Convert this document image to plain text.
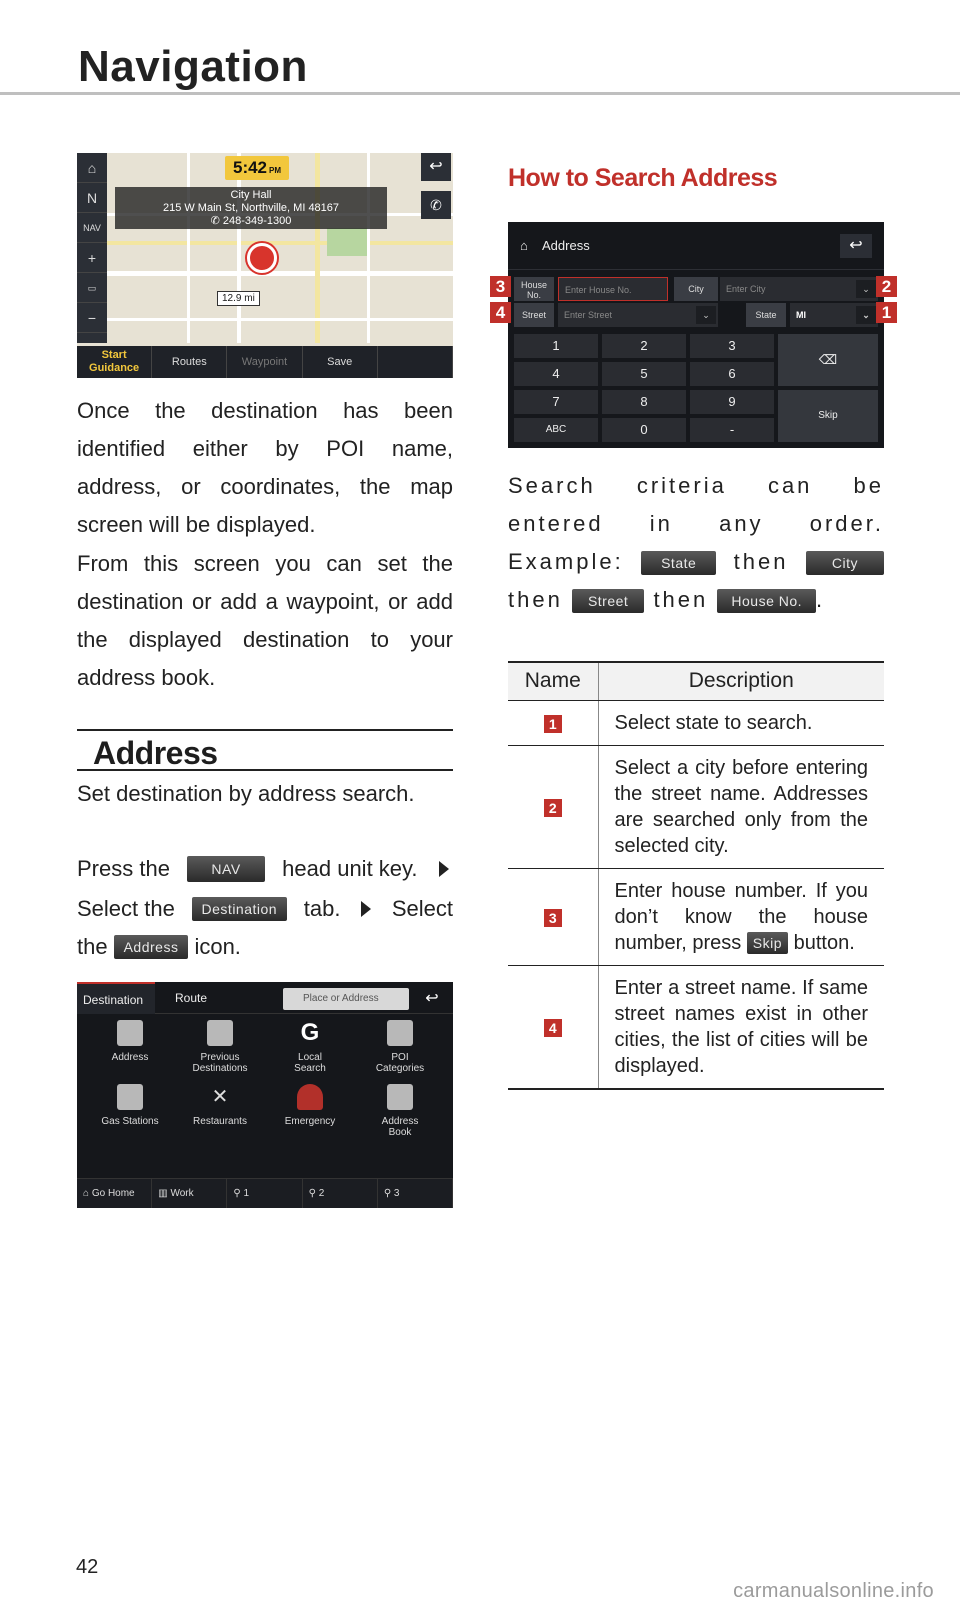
Navigation
⌂
N
NAV
+
▭
−
5:42 PM	↩
City Hall
215 W Main St, Northville, MI 48167
✆ 248-349-1300
✆
12.9 mi
Start
Guidance	Routes	Waypoint	Save
Once the destination has been identified either by POI name, address, or coordinates, the map screen will be displayed.
From this screen you can set the destination or add a waypoint, or add the displayed destination to your address book.
Address
Set destination by address search.
Press the	NAV	head unit key.
Select the	Destination	tab. Select
the	Address icon.
Destination	Route	Place or Address	↩
Address	Previous
Destinations
G
Local
Search
POI
Categories
Gas Stations
✕
Restaurants	Emergency	Address
Book
⌂ Go Home	▥ Work	⚲ 1	⚲ 2	⚲ 3
How to Search Address
⌂ Address	↩
House
No.	Enter House No.	City	Enter City	⌄
Street	Enter Street	⌄	State	MI	⌄
1	2	3
4	5	6
7	8	9
ABC	0	-
⌫
Skip
3	2
4	1
Search criteria can be entered in any order. Example:	State then	City then Street then House No. .
Name	Description
1	Select state to search.
2	Select a city before entering the street name. Addresses are searched only from the selected city.
3	Enter house number. If you don’t know the house number, press Skip button.
4	Enter a street name. If same street names exist in other cities, the list of cities will be displayed.
42
carmanualsonline.info
